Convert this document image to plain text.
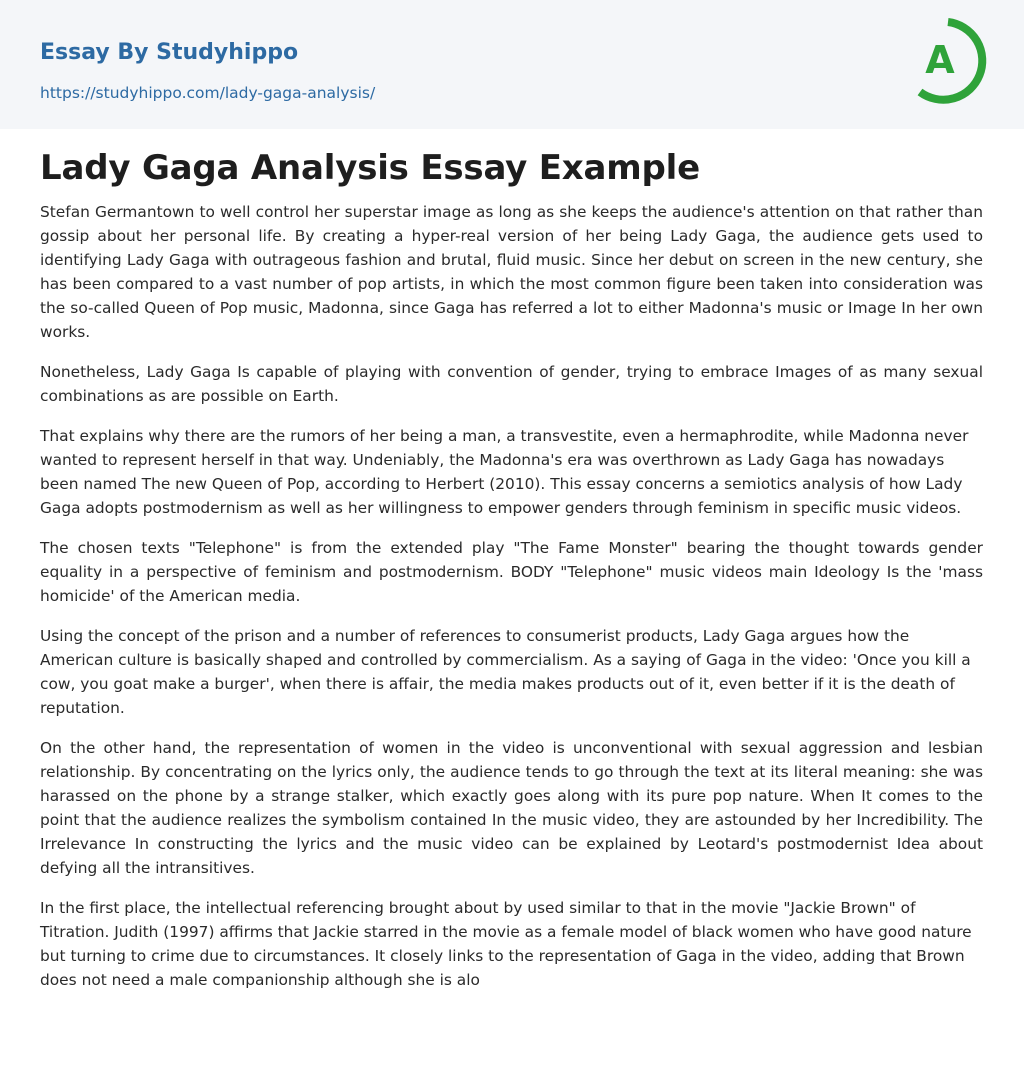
Essay By Studyhippo
https://studyhippo.com/lady-gaga-analysis/
A
Lady Gaga Analysis Essay Example

Stefan Germantown to well control her superstar image as long as she keeps the audience's attention on that rather than gossip about her personal life. By creating a hyper-real version of her being Lady Gaga, the audience gets used to identifying Lady Gaga with outrageous fashion and brutal, fluid music. Since her debut on screen in the new century, she has been compared to a vast number of pop artists, in which the most common figure been taken into consideration was the so-called Queen of Pop music, Madonna, since Gaga has referred a lot to either Madonna's music or Image In her own works.

Nonetheless, Lady Gaga Is capable of playing with convention of gender, trying to embrace Images of as many sexual combinations as are possible on Earth.

That explains why there are the rumors of her being a man, a transvestite, even a hermaphrodite, while Madonna never wanted to represent herself in that way. Undeniably, the Madonna's era was overthrown as Lady Gaga has nowadays been named The new Queen of Pop, according to Herbert (2010). This essay concerns a semiotics analysis of how Lady Gaga adopts postmodernism as well as her willingness to empower genders through feminism in specific music videos.

The chosen texts "Telephone" is from the extended play "The Fame Monster" bearing the thought towards gender equality in a perspective of feminism and postmodernism. BODY "Telephone" music videos main Ideology Is the 'mass homicide' of the American media.

Using the concept of the prison and a number of references to consumerist products, Lady Gaga argues how the American culture is basically shaped and controlled by commercialism. As a saying of Gaga in the video: 'Once you kill a cow, you goat make a burger', when there is affair, the media makes products out of it, even better if it is the death of reputation.

On the other hand, the representation of women in the video is unconventional with sexual aggression and lesbian relationship. By concentrating on the lyrics only, the audience tends to go through the text at its literal meaning: she was harassed on the phone by a strange stalker, which exactly goes along with its pure pop nature. When It comes to the point that the audience realizes the symbolism contained In the music video, they are astounded by her Incredibility. The Irrelevance In constructing the lyrics and the music video can be explained by Leotard's postmodernist Idea about defying all the intransitives.

In the first place, the intellectual referencing brought about by used similar to that in the movie "Jackie Brown" of Titration. Judith (1997) affirms that Jackie starred in the movie as a female model of black women who have good nature but turning to crime due to circumstances. It closely links to the representation of Gaga in the video, adding that Brown does not need a male companionship although she is alo
